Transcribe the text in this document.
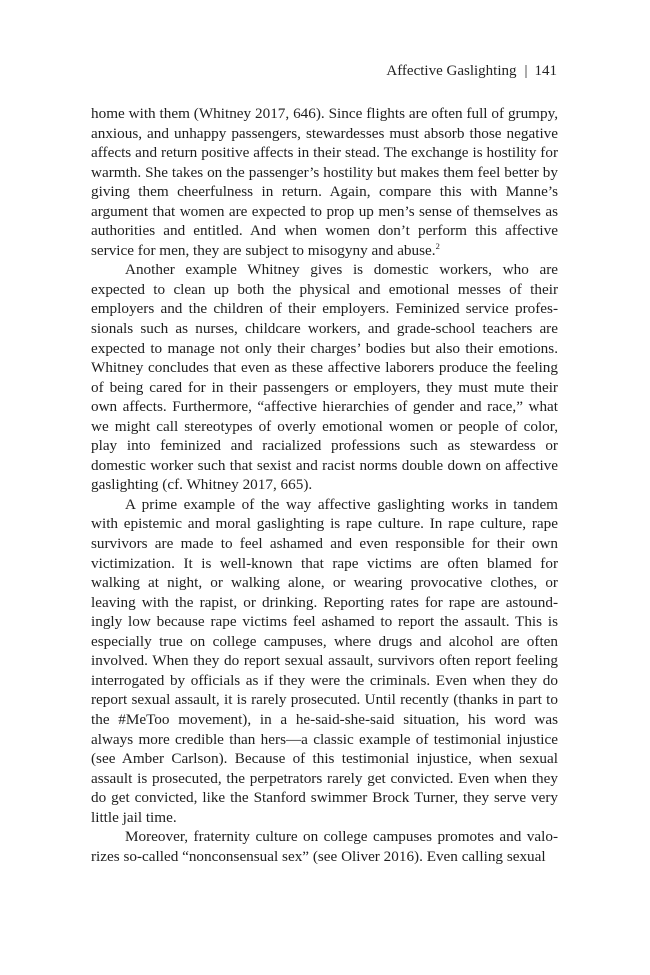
Affective Gaslighting | 141

home with them (Whitney 2017, 646). Since flights are often full of grumpy, anxious, and unhappy passengers, stewardesses must absorb those negative affects and return positive affects in their stead. The exchange is hostility for warmth. She takes on the passenger’s hostility but makes them feel better by giving them cheerfulness in return. Again, compare this with Manne’s argument that women are expected to prop up men’s sense of themselves as authorities and entitled. And when women don’t perform this affective service for men, they are subject to misogyny and abuse.$^2$

Another example Whitney gives is domestic workers, who are expected to clean up both the physical and emotional messes of their employers and the children of their employers. Feminized service professionals such as nurses, childcare workers, and grade-school teachers are expected to manage not only their charges’ bodies but also their emotions. Whitney concludes that even as these affective laborers produce the feeling of being cared for in their passengers or employers, they must mute their own affects. Furthermore, “affective hierarchies of gender and race,” what we might call stereotypes of overly emotional women or people of color, play into feminized and racialized professions such as stewardess or domestic worker such that sexist and racist norms double down on affective gaslighting (cf. Whitney 2017, 665).

A prime example of the way affective gaslighting works in tandem with epistemic and moral gaslighting is rape culture. In rape culture, rape survivors are made to feel ashamed and even responsible for their own victimization. It is well-known that rape victims are often blamed for walking at night, or walking alone, or wearing provocative clothes, or leaving with the rapist, or drinking. Reporting rates for rape are astoundingly low because rape victims feel ashamed to report the assault. This is especially true on college campuses, where drugs and alcohol are often involved. When they do report sexual assault, survivors often report feeling interrogated by officials as if they were the criminals. Even when they do report sexual assault, it is rarely prosecuted. Until recently (thanks in part to the #MeToo movement), in a he-said-she-said situation, his word was always more credible than hers—a classic example of testimonial injustice (see Amber Carlson). Because of this testimonial injustice, when sexual assault is prosecuted, the perpetrators rarely get convicted. Even when they do get convicted, like the Stanford swimmer Brock Turner, they serve very little jail time.

Moreover, fraternity culture on college campuses promotes and valorizes so-called “nonconsensual sex” (see Oliver 2016). Even calling sexual
